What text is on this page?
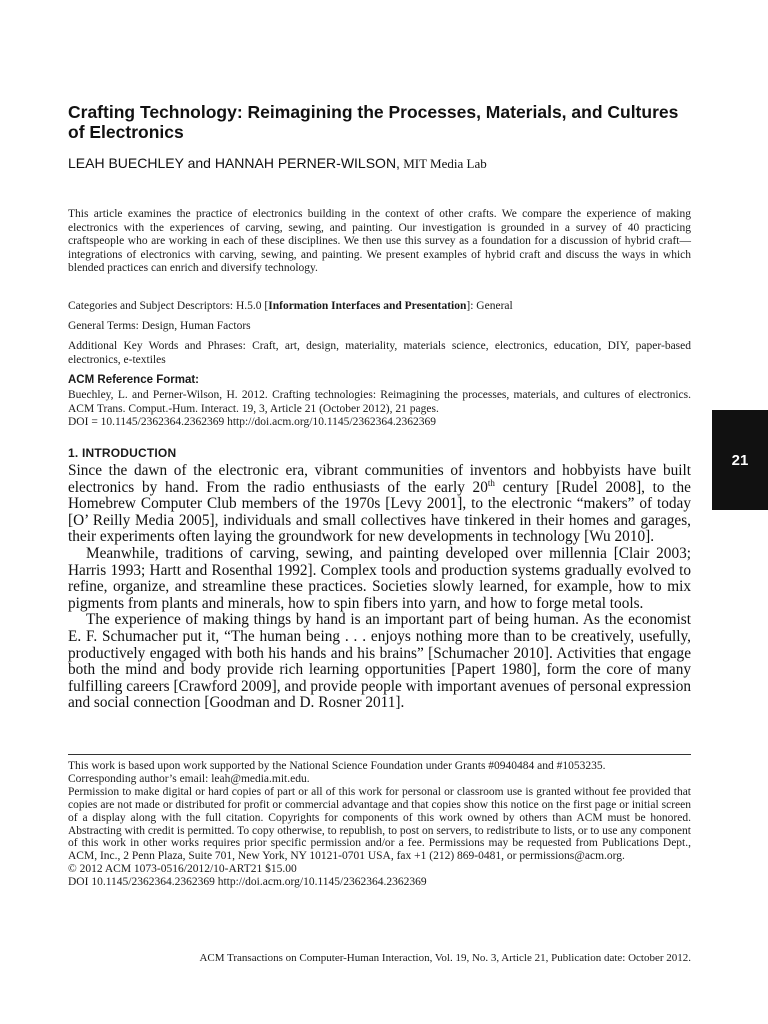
Crafting Technology: Reimagining the Processes, Materials, and Cultures of Electronics
LEAH BUECHLEY and HANNAH PERNER-WILSON, MIT Media Lab
This article examines the practice of electronics building in the context of other crafts. We compare the experience of making electronics with the experiences of carving, sewing, and painting. Our investigation is grounded in a survey of 40 practicing craftspeople who are working in each of these disciplines. We then use this survey as a foundation for a discussion of hybrid craft—integrations of electronics with carving, sewing, and painting. We present examples of hybrid craft and discuss the ways in which blended practices can enrich and diversify technology.
Categories and Subject Descriptors: H.5.0 [Information Interfaces and Presentation]: General
General Terms: Design, Human Factors
Additional Key Words and Phrases: Craft, art, design, materiality, materials science, electronics, education, DIY, paper-based electronics, e-textiles
ACM Reference Format:
Buechley, L. and Perner-Wilson, H. 2012. Crafting technologies: Reimagining the processes, materials, and cultures of electronics. ACM Trans. Comput.-Hum. Interact. 19, 3, Article 21 (October 2012), 21 pages.
DOI = 10.1145/2362364.2362369 http://doi.acm.org/10.1145/2362364.2362369
1. INTRODUCTION

Since the dawn of the electronic era, vibrant communities of inventors and hobbyists have built electronics by hand. From the radio enthusiasts of the early 20th century [Rudel 2008], to the Homebrew Computer Club members of the 1970s [Levy 2001], to the electronic “makers” of today [O’ Reilly Media 2005], individuals and small collectives have tinkered in their homes and garages, their experiments often laying the groundwork for new developments in technology [Wu 2010].

Meanwhile, traditions of carving, sewing, and painting developed over millennia [Clair 2003; Harris 1993; Hartt and Rosenthal 1992]. Complex tools and production systems gradually evolved to refine, organize, and streamline these practices. Societies slowly learned, for example, how to mix pigments from plants and minerals, how to spin fibers into yarn, and how to forge metal tools.

The experience of making things by hand is an important part of being human. As the economist E. F. Schumacher put it, “The human being . . . enjoys nothing more than to be creatively, usefully, productively engaged with both his hands and his brains” [Schumacher 2010]. Activities that engage both the mind and body provide rich learning opportunities [Papert 1980], form the core of many fulfilling careers [Crawford 2009], and provide people with important avenues of personal expression and social connection [Goodman and D. Rosner 2011].

This work is based upon work supported by the National Science Foundation under Grants #0940484 and #1053235.
Corresponding author’s email: leah@media.mit.edu.
Permission to make digital or hard copies of part or all of this work for personal or classroom use is granted without fee provided that copies are not made or distributed for profit or commercial advantage and that copies show this notice on the first page or initial screen of a display along with the full citation. Copyrights for components of this work owned by others than ACM must be honored. Abstracting with credit is permitted. To copy otherwise, to republish, to post on servers, to redistribute to lists, or to use any component of this work in other works requires prior specific permission and/or a fee. Permissions may be requested from Publications Dept., ACM, Inc., 2 Penn Plaza, Suite 701, New York, NY 10121-0701 USA, fax +1 (212) 869-0481, or permissions@acm.org.
© 2012 ACM 1073-0516/2012/10-ART21 $15.00
DOI 10.1145/2362364.2362369 http://doi.acm.org/10.1145/2362364.2362369
ACM Transactions on Computer-Human Interaction, Vol. 19, No. 3, Article 21, Publication date: October 2012.
21
